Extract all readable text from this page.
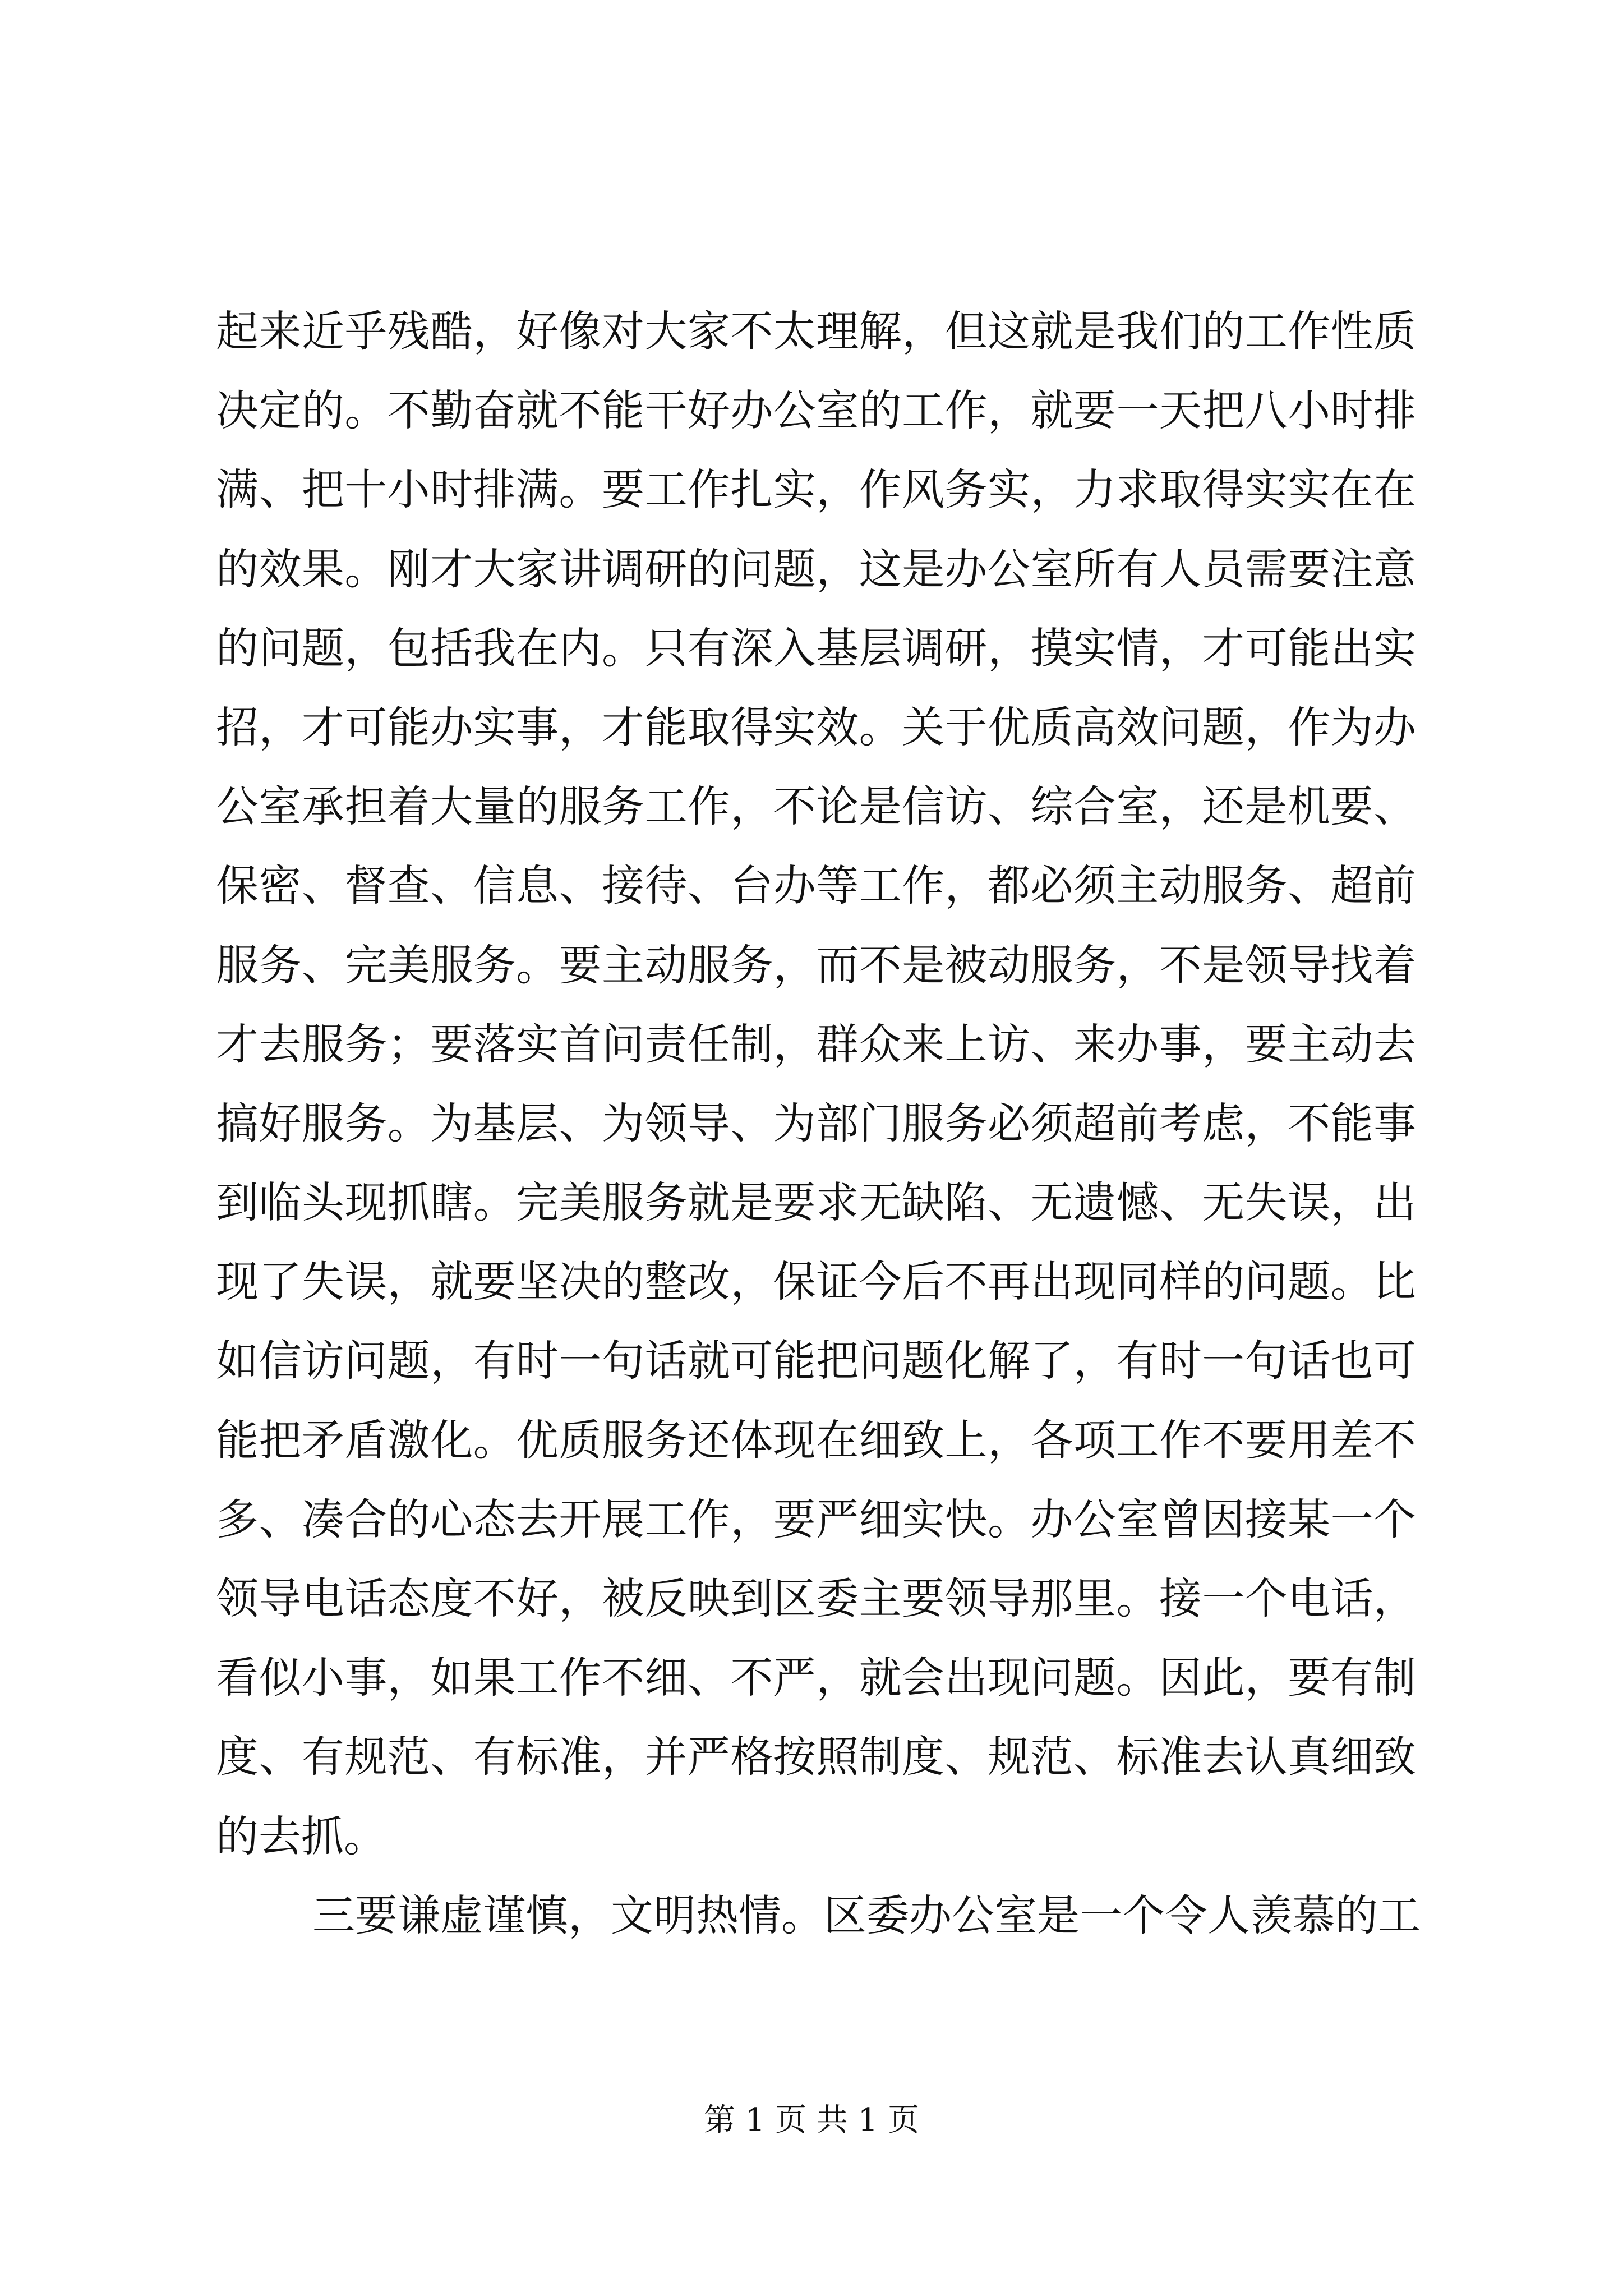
起来近乎残酷，好像对大家不太理解，但这就是我们的工作性质
决定的。不勤奋就不能干好办公室的工作，就要一天把八小时排
满、把十小时排满。要工作扎实，作风务实，力求取得实实在在
的效果。刚才大家讲调研的问题，这是办公室所有人员需要注意
的问题，包括我在内。只有深入基层调研，摸实情，才可能出实
招，才可能办实事，才能取得实效。关于优质高效问题，作为办
公室承担着大量的服务工作，不论是信访、综合室，还是机要、
保密、督查、信息、接待、台办等工作，都必须主动服务、超前
服务、完美服务。要主动服务，而不是被动服务，不是领导找着
才去服务；要落实首问责任制，群众来上访、来办事，要主动去
搞好服务。为基层、为领导、为部门服务必须超前考虑，不能事
到临头现抓瞎。完美服务就是要求无缺陷、无遗憾、无失误，出
现了失误，就要坚决的整改，保证今后不再出现同样的问题。比
如信访问题，有时一句话就可能把问题化解了，有时一句话也可
能把矛盾激化。优质服务还体现在细致上，各项工作不要用差不
多、凑合的心态去开展工作，要严细实快。办公室曾因接某一个
领导电话态度不好，被反映到区委主要领导那里。接一个电话，
看似小事，如果工作不细、不严，就会出现问题。因此，要有制
度、有规范、有标准，并严格按照制度、规范、标准去认真细致
的去抓。
三要谦虚谨慎，文明热情。区委办公室是一个令人羡慕的工
第 1 页 共 1 页
